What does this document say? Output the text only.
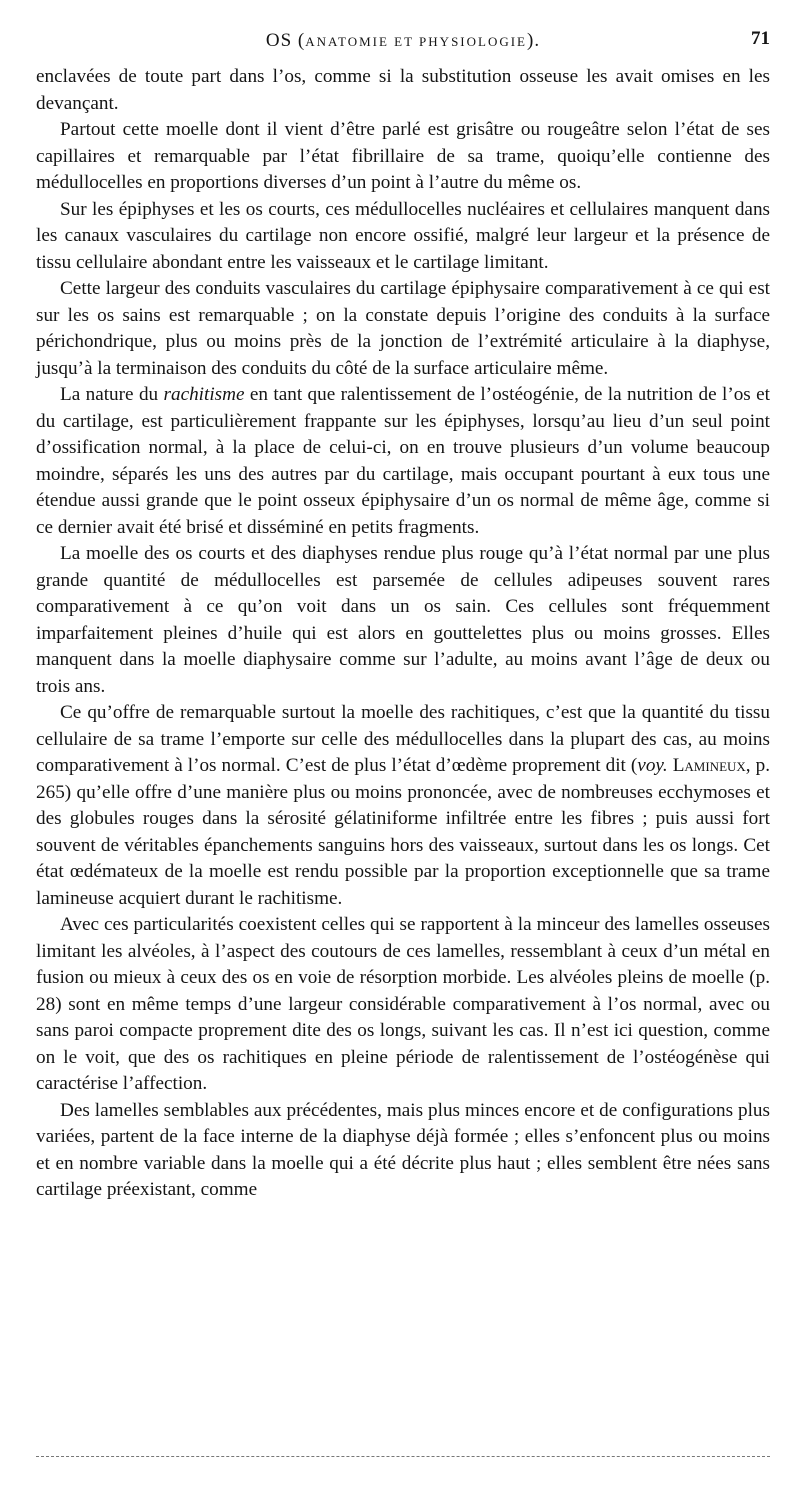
OS (ANATOMIE ET PHYSIOLOGIE).	71

enclavées de toute part dans l’os, comme si la substitution osseuse les avait omises en les devançant.

Partout cette moelle dont il vient d’être parlé est grisâtre ou rougeâtre selon l’état de ses capillaires et remarquable par l’état fibrillaire de sa trame, quoiqu’elle contienne des médullocelles en proportions diverses d’un point à l’autre du même os.

Sur les épiphyses et les os courts, ces médullocelles nucléaires et cellulaires manquent dans les canaux vasculaires du cartilage non encore ossifié, malgré leur largeur et la présence de tissu cellulaire abondant entre les vaisseaux et le cartilage limitant.

Cette largeur des conduits vasculaires du cartilage épiphysaire comparativement à ce qui est sur les os sains est remarquable ; on la constate depuis l’origine des conduits à la surface périchondrique, plus ou moins près de la jonction de l’extrémité articulaire à la diaphyse, jusqu’à la terminaison des conduits du côté de la surface articulaire même.

La nature du rachitisme en tant que ralentissement de l’ostéogénie, de la nutrition de l’os et du cartilage, est particulièrement frappante sur les épiphyses, lorsqu’au lieu d’un seul point d’ossification normal, à la place de celui-ci, on en trouve plusieurs d’un volume beaucoup moindre, séparés les uns des autres par du cartilage, mais occupant pourtant à eux tous une étendue aussi grande que le point osseux épiphysaire d’un os normal de même âge, comme si ce dernier avait été brisé et disséminé en petits fragments.

La moelle des os courts et des diaphyses rendue plus rouge qu’à l’état normal par une plus grande quantité de médullocelles est parsemée de cellules adipeuses souvent rares comparativement à ce qu’on voit dans un os sain. Ces cellules sont fréquemment imparfaitement pleines d’huile qui est alors en gouttelettes plus ou moins grosses. Elles manquent dans la moelle diaphysaire comme sur l’adulte, au moins avant l’âge de deux ou trois ans.

Ce qu’offre de remarquable surtout la moelle des rachitiques, c’est que la quantité du tissu cellulaire de sa trame l’emporte sur celle des médullocelles dans la plupart des cas, au moins comparativement à l’os normal. C’est de plus l’état d’œdème proprement dit (voy. Lamineux, p. 265) qu’elle offre d’une manière plus ou moins prononcée, avec de nombreuses ecchymoses et des globules rouges dans la sérosité gélatiniforme infiltrée entre les fibres ; puis aussi fort souvent de véritables épanchements sanguins hors des vaisseaux, surtout dans les os longs. Cet état œdémateux de la moelle est rendu possible par la proportion exceptionnelle que sa trame lamineuse acquiert durant le rachitisme.

Avec ces particularités coexistent celles qui se rapportent à la minceur des lamelles osseuses limitant les alvéoles, à l’aspect des coutours de ces lamelles, ressemblant à ceux d’un métal en fusion ou mieux à ceux des os en voie de résorption morbide. Les alvéoles pleins de moelle (p. 28) sont en même temps d’une largeur considérable comparativement à l’os normal, avec ou sans paroi compacte proprement dite des os longs, suivant les cas. Il n’est ici question, comme on le voit, que des os rachitiques en pleine période de ralentissement de l’ostéogénèse qui caractérise l’affection.

Des lamelles semblables aux précédentes, mais plus minces encore et de configurations plus variées, partent de la face interne de la diaphyse déjà formée ; elles s’enfoncent plus ou moins et en nombre variable dans la moelle qui a été décrite plus haut ; elles semblent être nées sans cartilage préexistant, comme
